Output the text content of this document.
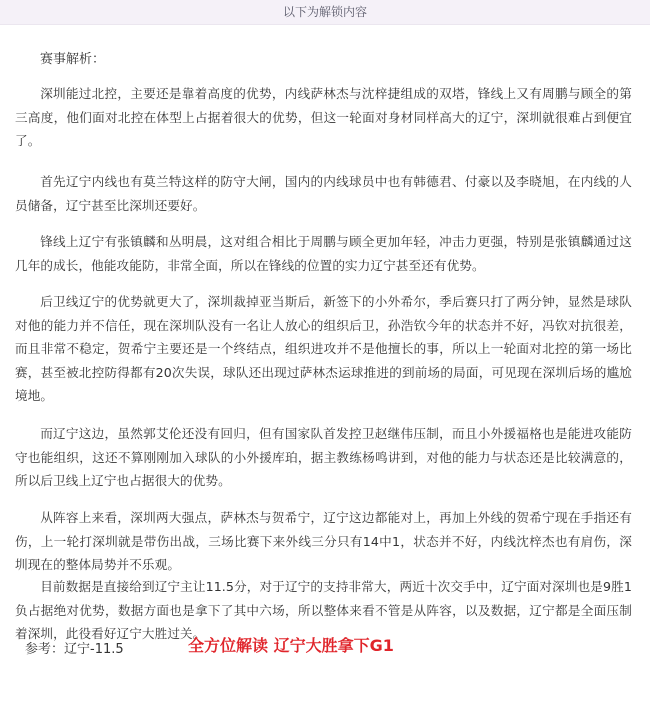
以下为解锁内容
赛事解析：

深圳能过北控，主要还是靠着高度的优势，内线萨林杰与沈梓捷组成的双塔，锋线上又有周鹏与顾全的第三高度，他们面对北控在体型上占据着很大的优势，但这一轮面对身材同样高大的辽宁，深圳就很难占到便宜了。

首先辽宁内线也有莫兰特这样的防守大闸，国内的内线球员中也有韩德君、付豪以及李晓旭，在内线的人员储备，辽宁甚至比深圳还要好。

锋线上辽宁有张镇麟和丛明晨，这对组合相比于周鹏与顾全更加年轻，冲击力更强，特别是张镇麟通过这几年的成长，他能攻能防，非常全面，所以在锋线的位置的实力辽宁甚至还有优势。

后卫线辽宁的优势就更大了，深圳裁掉亚当斯后，新签下的小外希尔，季后赛只打了两分钟，显然是球队对他的能力并不信任，现在深圳队没有一名让人放心的组织后卫，孙浩钦今年的状态并不好，冯钦对抗很差，而且非常不稳定，贺希宁主要还是一个终结点，组织进攻并不是他擅长的事，所以上一轮面对北控的第一场比赛，甚至被北控防得都有20次失误，球队还出现过萨林杰运球推进的到前场的局面，可见现在深圳后场的尴尬境地。

而辽宁这边，虽然郭艾伦还没有回归，但有国家队首发控卫赵继伟压制，而且小外援福格也是能进攻能防守也能组织，这还不算刚刚加入球队的小外援库珀，据主教练杨鸣讲到，对他的能力与状态还是比较满意的，所以后卫线上辽宁也占据很大的优势。

从阵容上来看，深圳两大强点，萨林杰与贺希宁，辽宁这边都能对上，再加上外线的贺希宁现在手指还有伤，上一轮打深圳就是带伤出战，三场比赛下来外线三分只有14中1，状态并不好，内线沈梓杰也有肩伤，深圳现在的整体局势并不乐观。

目前数据是直接给到辽宁主让11.5分，对于辽宁的支持非常大，两近十次交手中，辽宁面对深圳也是9胜1负占据绝对优势，数据方面也是拿下了其中六场，所以整体来看不管是从阵容，以及数据，辽宁都是全面压制着深圳，此役看好辽宁大胜过关。

参考：辽宁-11.5	全方位解读 辽宁大胜拿下G1
